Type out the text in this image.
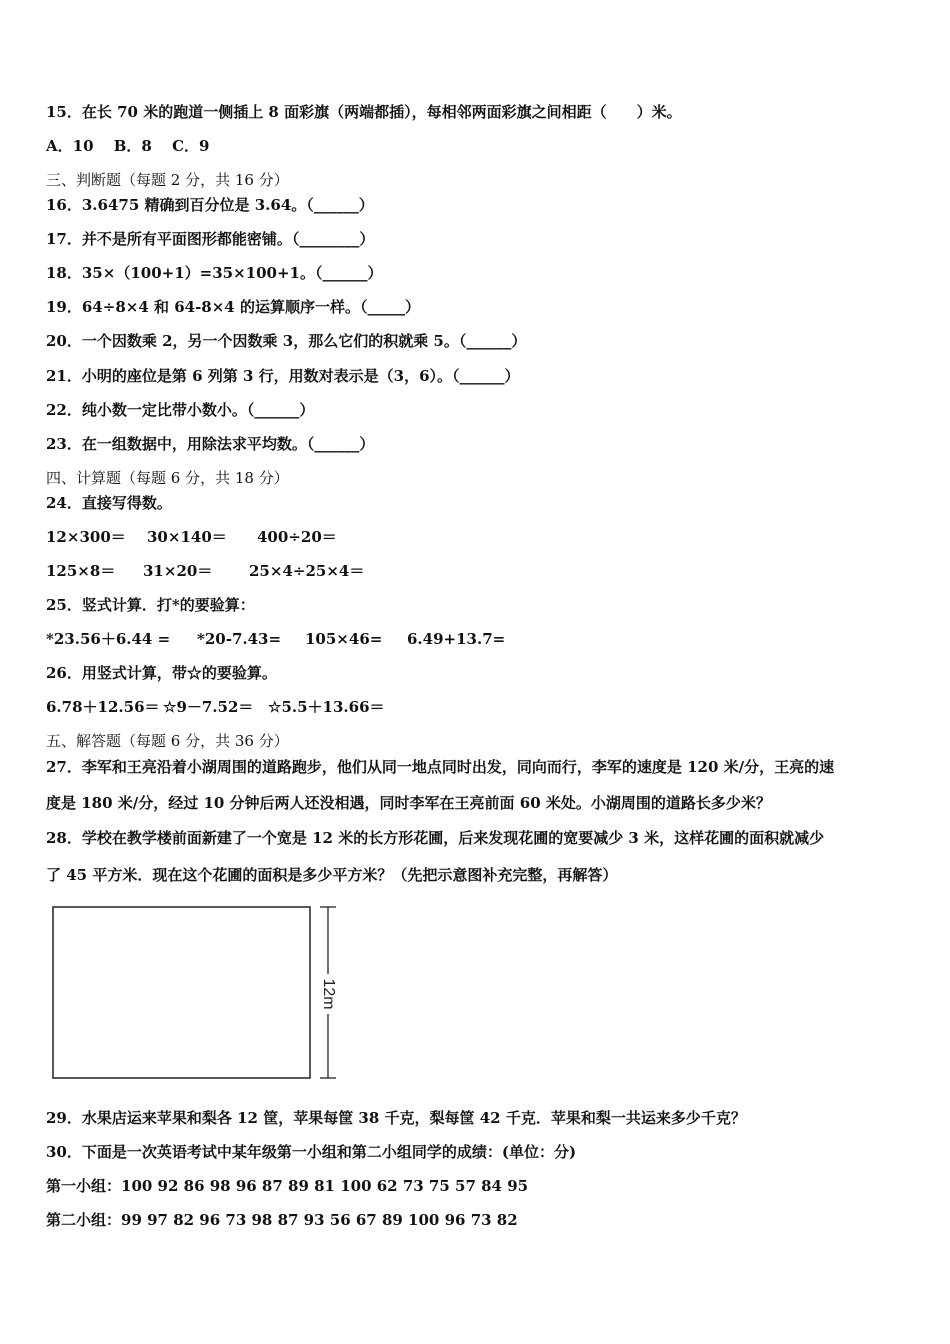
15．在长 70 米的跑道一侧插上 8 面彩旗（两端都插），每相邻两面彩旗之间相距（　　）米。
A．10　 B．8　 C．9
三、判断题（每题 2 分，共 16 分）
16．3.6475 精确到百分位是 3.64。（______）
17．并不是所有平面图形都能密铺。（________）
18．35×（100+1）=35×100+1。（______）
19．64÷8×4 和 64-8×4 的运算顺序一样。（_____）
20．一个因数乘 2，另一个因数乘 3，那么它们的积就乘 5。（______）
21．小明的座位是第 6 列第 3 行，用数对表示是（3，6）。（______）
22．纯小数一定比带小数小。（______）
23．在一组数据中，用除法求平均数。（______）
四、计算题（每题 6 分，共 18 分）
24．直接写得数。
12×300＝ 30×140＝ 400÷20＝
125×8＝ 31×20＝ 25×4÷25×4＝
25．竖式计算．打*的要验算：
*23.56＋6.44 = *20-7.43= 105×46= 6.49+13.7=
26．用竖式计算，带☆的要验算。
6.78＋12.56＝ ☆9－7.52＝ ☆5.5＋13.66＝
五、解答题（每题 6 分，共 36 分）
27．李军和王亮沿着小湖周围的道路跑步，他们从同一地点同时出发，同向而行，李军的速度是 120 米/分，王亮的速
度是 180 米/分，经过 10 分钟后两人还没相遇，同时李军在王亮前面 60 米处。小湖周围的道路长多少米？
28．学校在教学楼前面新建了一个宽是 12 米的长方形花圃，后来发现花圃的宽要减少 3 米，这样花圃的面积就减少
了 45 平方米．现在这个花圃的面积是多少平方米？（先把示意图补充完整，再解答）
12m
29．水果店运来苹果和梨各 12 筐，苹果每筐 38 千克，梨每筐 42 千克．苹果和梨一共运来多少千克？
30．下面是一次英语考试中某年级第一小组和第二小组同学的成绩：(单位：分)
第一小组：100 92 86 98 96 87 89 81 100 62 73 75 57 84 95
第二小组：99 97 82 96 73 98 87 93 56 67 89 100 96 73 82
